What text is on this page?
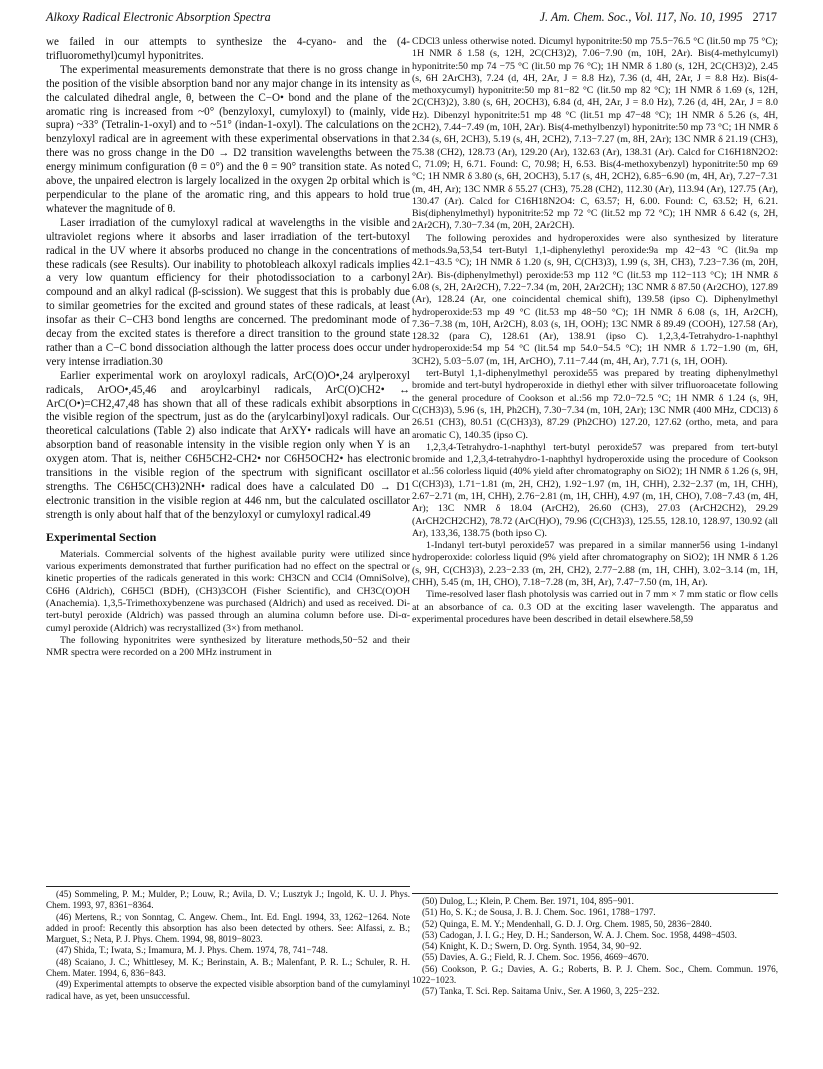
Alkoxy Radical Electronic Absorption Spectra	J. Am. Chem. Soc., Vol. 117, No. 10, 1995 2717

we failed in our attempts to synthesize the 4-cyano- and the (4-trifluoromethyl)cumyl hyponitrites.

The experimental measurements demonstrate that there is no gross change in the position of the visible absorption band nor any major change in its intensity as the calculated dihedral angle, θ, between the C−O• bond and the plane of the aromatic ring is increased from ~0° (benzyloxyl, cumyloxyl) to (mainly, vide supra) ~33° (Tetralin-1-oxyl) and to ~51° (indan-1-oxyl). The calculations on the benzyloxyl radical are in agreement with these experimental observations in that there was no gross change in the D0 → D2 transition wavelengths between the energy minimum configuration (θ = 0°) and the θ = 90° transition state. As noted above, the unpaired electron is largely localized in the oxygen 2p orbital which is perpendicular to the plane of the aromatic ring, and this appears to hold true whatever the magnitude of θ.

Laser irradiation of the cumyloxyl radical at wavelengths in the visible and ultraviolet regions where it absorbs and laser irradiation of the tert-butoxyl radical in the UV where it absorbs produced no change in the concentrations of these radicals (see Results). Our inability to photobleach alkoxyl radicals implies a very low quantum efficiency for their photodissociation to a carbonyl compound and an alkyl radical (β-scission). We suggest that this is probably due to similar geometries for the excited and ground states of these radicals, at least insofar as their C−CH3 bond lengths are concerned. The predominant mode of decay from the excited states is therefore a direct transition to the ground state rather than a C−C bond dissociation although the latter process does occur under very intense irradiation.30

Earlier experimental work on aroyloxyl radicals, ArC(O)O•,24 arylperoxyl radicals, ArOO•,45,46 and aroylcarbinyl radicals, ArC(O)CH2• ↔ ArC(O•)=CH2,47,48 has shown that all of these radicals exhibit absorptions in the visible region of the spectrum, just as do the (arylcarbinyl)oxyl radicals. Our theoretical calculations (Table 2) also indicate that ArXY• radicals will have an absorption band of reasonable intensity in the visible region only when Y is an oxygen atom. That is, neither C6H5CH2-CH2• nor C6H5OCH2• has electronic transitions in the visible region of the spectrum with significant oscillator strengths. The C6H5C(CH3)2NH• radical does have a calculated D0 → D1 electronic transition in the visible region at 446 nm, but the calculated oscillator strength is only about half that of the benzyloxyl or cumyloxyl radical.49

Experimental Section

Materials. Commercial solvents of the highest available purity were utilized since various experiments demonstrated that further purification had no effect on the spectral or kinetic properties of the radicals generated in this work: CH3CN and CCl4 (OmniSolve), C6H6 (Aldrich), C6H5Cl (BDH), (CH3)3COH (Fisher Scientific), and CH3C(O)OH (Anachemia). 1,3,5-Trimethoxybenzene was purchased (Aldrich) and used as received. Di-tert-butyl peroxide (Aldrich) was passed through an alumina column before use. Di-α-cumyl peroxide (Aldrich) was recrystallized (3×) from methanol.

The following hyponitrites were synthesized by literature methods,50−52 and their NMR spectra were recorded on a 200 MHz instrument in

CDCl3 unless otherwise noted. Dicumyl hyponitrite:50 mp 75.5−76.5 °C (lit.50 mp 75 °C); 1H NMR δ 1.58 (s, 12H, 2C(CH3)2), 7.06−7.90 (m, 10H, 2Ar). Bis(4-methylcumyl) hyponitrite:50 mp 74 −75 °C (lit.50 mp 76 °C); 1H NMR δ 1.80 (s, 12H, 2C(CH3)2), 2.45 (s, 6H 2ArCH3), 7.24 (d, 4H, 2Ar, J = 8.8 Hz), 7.36 (d, 4H, 2Ar, J = 8.8 Hz). Bis(4-methoxycumyl) hyponitrite:50 mp 81−82 °C (lit.50 mp 82 °C); 1H NMR δ 1.69 (s, 12H, 2C(CH3)2), 3.80 (s, 6H, 2OCH3), 6.84 (d, 4H, 2Ar, J = 8.0 Hz), 7.26 (d, 4H, 2Ar, J = 8.0 Hz). Dibenzyl hyponitrite:51 mp 48 °C (lit.51 mp 47−48 °C); 1H NMR δ 5.26 (s, 4H, 2CH2), 7.44−7.49 (m, 10H, 2Ar). Bis(4-methylbenzyl) hyponitrite:50 mp 73 °C; 1H NMR δ 2.34 (s, 6H, 2CH3), 5.19 (s, 4H, 2CH2), 7.13−7.27 (m, 8H, 2Ar); 13C NMR δ 21.19 (CH3), 75.38 (CH2), 128.73 (Ar), 129.20 (Ar), 132.63 (Ar), 138.31 (Ar). Calcd for C16H18N2O2: C, 71.09; H, 6.71. Found: C, 70.98; H, 6.53. Bis(4-methoxybenzyl) hyponitrite:50 mp 69 °C; 1H NMR δ 3.80 (s, 6H, 2OCH3), 5.17 (s, 4H, 2CH2), 6.85−6.90 (m, 4H, Ar), 7.27−7.31 (m, 4H, Ar); 13C NMR δ 55.27 (CH3), 75.28 (CH2), 112.30 (Ar), 113.94 (Ar), 127.75 (Ar), 130.47 (Ar). Calcd for C16H18N2O4: C, 63.57; H, 6.00. Found: C, 63.52; H, 6.21. Bis(diphenylmethyl) hyponitrite:52 mp 72 °C (lit.52 mp 72 °C); 1H NMR δ 6.42 (s, 2H, 2Ar2CH), 7.30−7.34 (m, 20H, 2Ar2CH).

The following peroxides and hydroperoxides were also synthesized by literature methods.9a,53,54 tert-Butyl 1,1-diphenylethyl peroxide:9a mp 42−43 °C (lit.9a mp 42.1−43.5 °C); 1H NMR δ 1.20 (s, 9H, C(CH3)3), 1.99 (s, 3H, CH3), 7.23−7.36 (m, 20H, 2Ar). Bis-(diphenylmethyl) peroxide:53 mp 112 °C (lit.53 mp 112−113 °C); 1H NMR δ 6.08 (s, 2H, 2Ar2CH), 7.22−7.34 (m, 20H, 2Ar2CH); 13C NMR δ 87.50 (Ar2CHO), 127.89 (Ar), 128.24 (Ar, one coincidental chemical shift), 139.58 (ipso C). Diphenylmethyl hydroperoxide:53 mp 49 °C (lit.53 mp 48−50 °C); 1H NMR δ 6.08 (s, 1H, Ar2CH), 7.36−7.38 (m, 10H, Ar2CH), 8.03 (s, 1H, OOH); 13C NMR δ 89.49 (COOH), 127.58 (Ar), 128.32 (para C), 128.61 (Ar), 138.91 (ipso C). 1,2,3,4-Tetrahydro-1-naphthyl hydroperoxide:54 mp 54 °C (lit.54 mp 54.0−54.5 °C); 1H NMR δ 1.72−1.90 (m, 6H, 3CH2), 5.03−5.07 (m, 1H, ArCHO), 7.11−7.44 (m, 4H, Ar), 7.71 (s, 1H, OOH).

tert-Butyl 1,1-diphenylmethyl peroxide55 was prepared by treating diphenylmethyl bromide and tert-butyl hydroperoxide in diethyl ether with silver trifluoroacetate following the general procedure of Cookson et al.:56 mp 72.0−72.5 °C; 1H NMR δ 1.24 (s, 9H, C(CH3)3), 5.96 (s, 1H, Ph2CH), 7.30−7.34 (m, 10H, 2Ar); 13C NMR (400 MHz, CDCl3) δ 26.51 (CH3), 80.51 (C(CH3)3), 87.29 (Ph2CHO) 127.20, 127.62 (ortho, meta, and para aromatic C), 140.35 (ipso C).

1,2,3,4-Tetrahydro-1-naphthyl tert-butyl peroxide57 was prepared from tert-butyl bromide and 1,2,3,4-tetrahydro-1-naphthyl hydroperoxide using the procedure of Cookson et al.:56 colorless liquid (40% yield after chromatography on SiO2); 1H NMR δ 1.26 (s, 9H, C(CH3)3), 1.71−1.81 (m, 2H, CH2), 1.92−1.97 (m, 1H, CHH), 2.32−2.37 (m, 1H, CHH), 2.67−2.71 (m, 1H, CHH), 2.76−2.81 (m, 1H, CHH), 4.97 (m, 1H, CHO), 7.08−7.43 (m, 4H, Ar); 13C NMR δ 18.04 (ArCH2), 26.60 (CH3), 27.03 (ArCH2CH2), 29.29 (ArCH2CH2CH2), 78.72 (ArC(H)O), 79.96 (C(CH3)3), 125.55, 128.10, 128.97, 130.92 (all Ar), 133,36, 138.75 (both ipso C).

1-Indanyl tert-butyl peroxide57 was prepared in a similar manner56 using 1-indanyl hydroperoxide: colorless liquid (9% yield after chromatography on SiO2); 1H NMR δ 1.26 (s, 9H, C(CH3)3), 2.23−2.33 (m, 2H, CH2), 2.77−2.88 (m, 1H, CHH), 3.02−3.14 (m, 1H, CHH), 5.45 (m, 1H, CHO), 7.18−7.28 (m, 3H, Ar), 7.47−7.50 (m, 1H, Ar).

Time-resolved laser flash photolysis was carried out in 7 mm × 7 mm static or flow cells at an absorbance of ca. 0.3 OD at the exciting laser wavelength. The apparatus and experimental procedures have been described in detail elsewhere.58,59

(45) Sommeling, P. M.; Mulder, P.; Louw, R.; Avila, D. V.; Lusztyk J.; Ingold, K. U. J. Phys. Chem. 1993, 97, 8361−8364.

(46) Mertens, R.; von Sonntag, C. Angew. Chem., Int. Ed. Engl. 1994, 33, 1262−1264. Note added in proof: Recently this absorption has also been detected by others. See: Alfassi, z. B.; Marguet, S.; Neta, P. J. Phys. Chem. 1994, 98, 8019−8023.

(47) Shida, T.; Iwata, S.; Imamura, M. J. Phys. Chem. 1974, 78, 741−748.

(48) Scaiano, J. C.; Whittlesey, M. K.; Berinstain, A. B.; Malenfant, P. R. L.; Schuler, R. H. Chem. Mater. 1994, 6, 836−843.

(49) Experimental attempts to observe the expected visible absorption band of the cumylaminyl radical have, as yet, been unsuccessful.

(50) Dulog, L.; Klein, P. Chem. Ber. 1971, 104, 895−901.

(51) Ho, S. K.; de Sousa, J. B. J. Chem. Soc. 1961, 1788−1797.

(52) Quinga, E. M. Y.; Mendenhall, G. D. J. Org. Chem. 1985, 50, 2836−2840.

(53) Cadogan, J. I. G.; Hey, D. H.; Sanderson, W. A. J. Chem. Soc. 1958, 4498−4503.

(54) Knight, K. D.; Swern, D. Org. Synth. 1954, 34, 90−92.

(55) Davies, A. G.; Field, R. J. Chem. Soc. 1956, 4669−4670.

(56) Cookson, P. G.; Davies, A. G.; Roberts, B. P. J. Chem. Soc., Chem. Commun. 1976, 1022−1023.

(57) Tanka, T. Sci. Rep. Saitama Univ., Ser. A 1960, 3, 225−232.
